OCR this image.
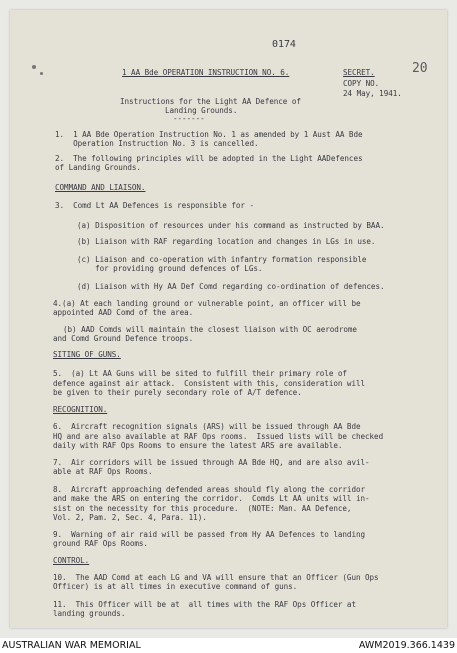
0174
1 AA Bde OPERATION INSTRUCTION NO. 6.	SECRET.	20
COPY NO.
24 May, 1941.
Instructions for the Light AA Defence of
Landing Grounds.
-------
1.  1 AA Bde Operation Instruction No. 1 as amended by 1 Aust AA Bde
Operation Instruction No. 3 is cancelled.
2.  The following principles will be adopted in the Light AADefences
of Landing Grounds.
COMMAND AND LIAISON.
3.  Comd Lt AA Defences is responsible for -
(a) Disposition of resources under his command as instructed by BAA.
(b) Liaison with RAF regarding location and changes in LGs in use.
(c) Liaison and co-operation with infantry formation responsible
for providing ground defences of LGs.
(d) Liaison with Hy AA Def Comd regarding co-ordination of defences.
4.(a) At each landing ground or vulnerable point, an officer will be
appointed AAD Comd of the area.
(b) AAD Comds will maintain the closest liaison with OC aerodrome
and Comd Ground Defence troops.
SITING OF GUNS.
5.  (a) Lt AA Guns will be sited to fulfill their primary role of
defence against air attack.  Consistent with this, consideration will
be given to their purely secondary role of A/T defence.
RECOGNITION.
6.  Aircraft recognition signals (ARS) will be issued through AA Bde
HQ and are also available at RAF Ops rooms.  Issued lists will be checked
daily with RAF Ops Rooms to ensure the latest ARS are available.
7.  Air corridors will be issued through AA Bde HQ, and are also avil-
able at RAF Ops Rooms.
8.  Aircraft approaching defended areas should fly along the corridor
and make the ARS on entering the corridor.  Comds Lt AA units will in-
sist on the necessity for this procedure.  (NOTE: Man. AA Defence,
Vol. 2, Pam. 2, Sec. 4, Para. 11).
9.  Warning of air raid will be passed from Hy AA Defences to landing
ground RAF Ops Rooms.
CONTROL.
10.  The AAD Comd at each LG and VA will ensure that an Officer (Gun Ops
Officer) is at all times in executive command of guns.
11.  This Officer will be at  all times with the RAF Ops Officer at
landing grounds.
AUSTRALIAN WAR MEMORIAL	AWM2019.366.1439
